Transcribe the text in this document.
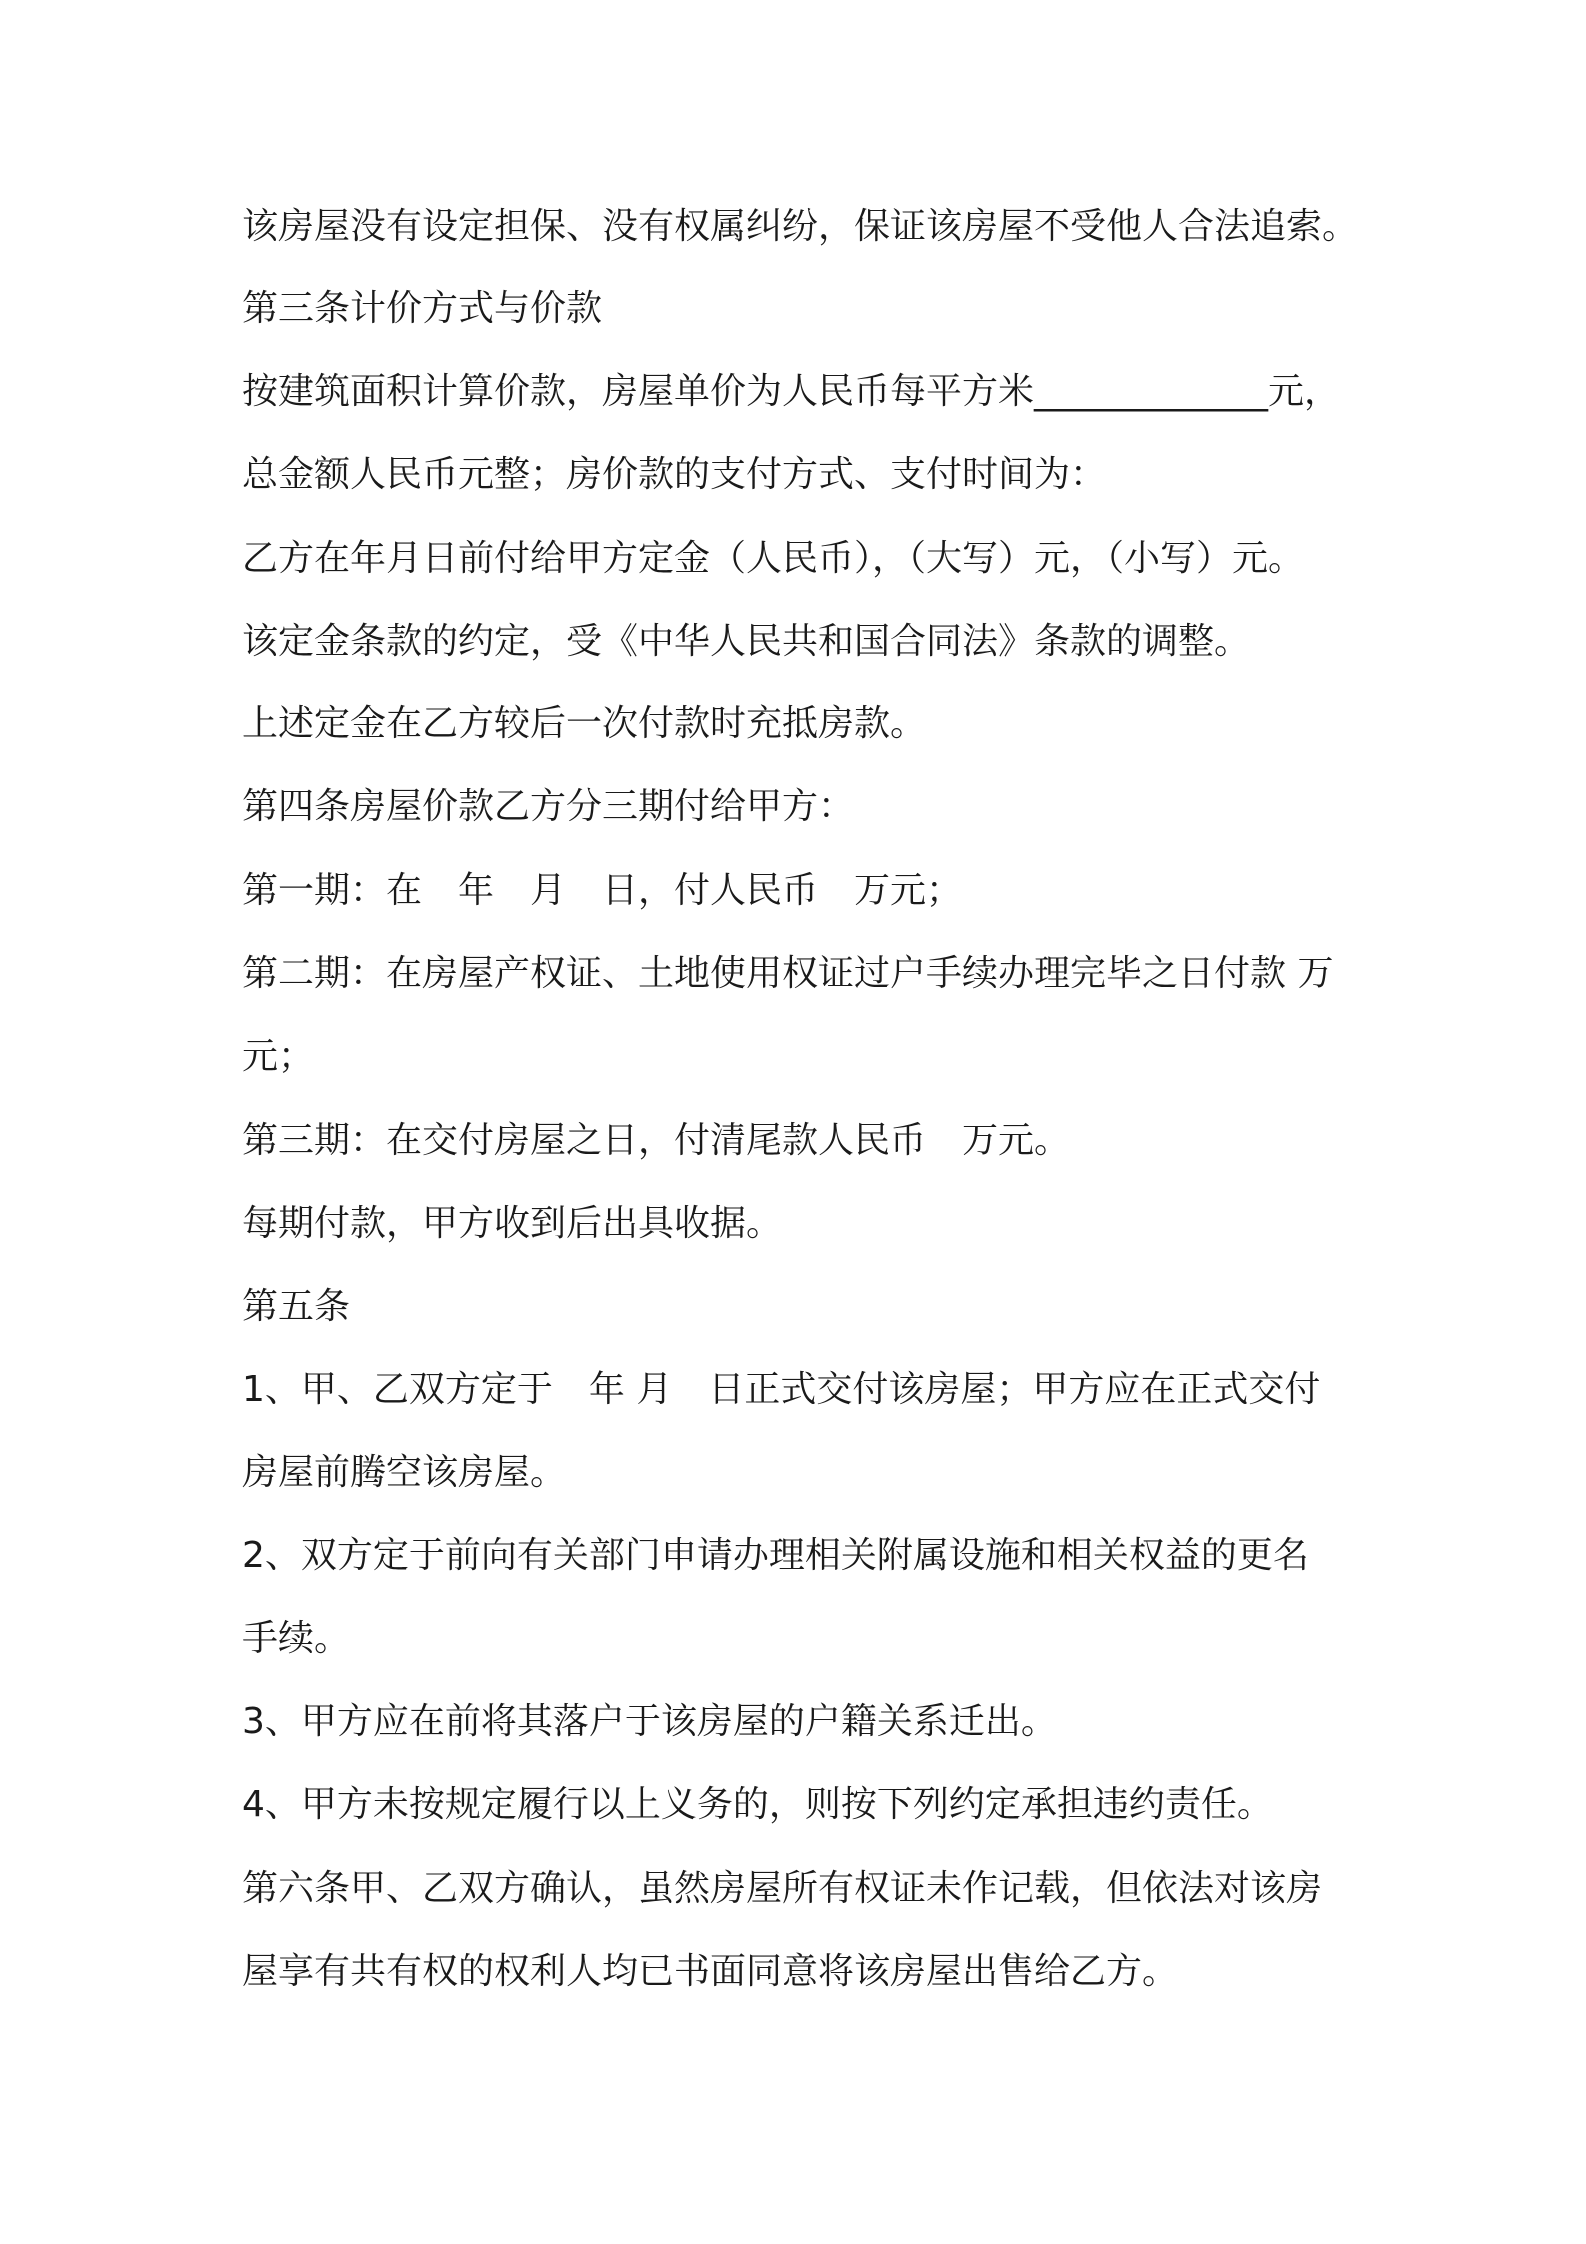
该房屋没有设定担保、没有权属纠纷，保证该房屋不受他人合法追索。
第三条计价方式与价款
按建筑面积计算价款，房屋单价为人民币每平方米_____________元，
总金额人民币元整；房价款的支付方式、支付时间为：
乙方在年月日前付给甲方定金（人民币），（大写）元，（小写）元。
该定金条款的约定，受《中华人民共和国合同法》条款的调整。
上述定金在乙方较后一次付款时充抵房款。
第四条房屋价款乙方分三期付给甲方：
第一期：在　年　月　日，付人民币　万元；
第二期：在房屋产权证、土地使用权证过户手续办理完毕之日付款 万
元；
第三期：在交付房屋之日，付清尾款人民币　万元。
每期付款，甲方收到后出具收据。
第五条
1、甲、乙双方定于　年 月　日正式交付该房屋；甲方应在正式交付
房屋前腾空该房屋。
2、双方定于前向有关部门申请办理相关附属设施和相关权益的更名
手续。
3、甲方应在前将其落户于该房屋的户籍关系迁出。
4、甲方未按规定履行以上义务的，则按下列约定承担违约责任。
第六条甲、乙双方确认，虽然房屋所有权证未作记载，但依法对该房
屋享有共有权的权利人均已书面同意将该房屋出售给乙方。
